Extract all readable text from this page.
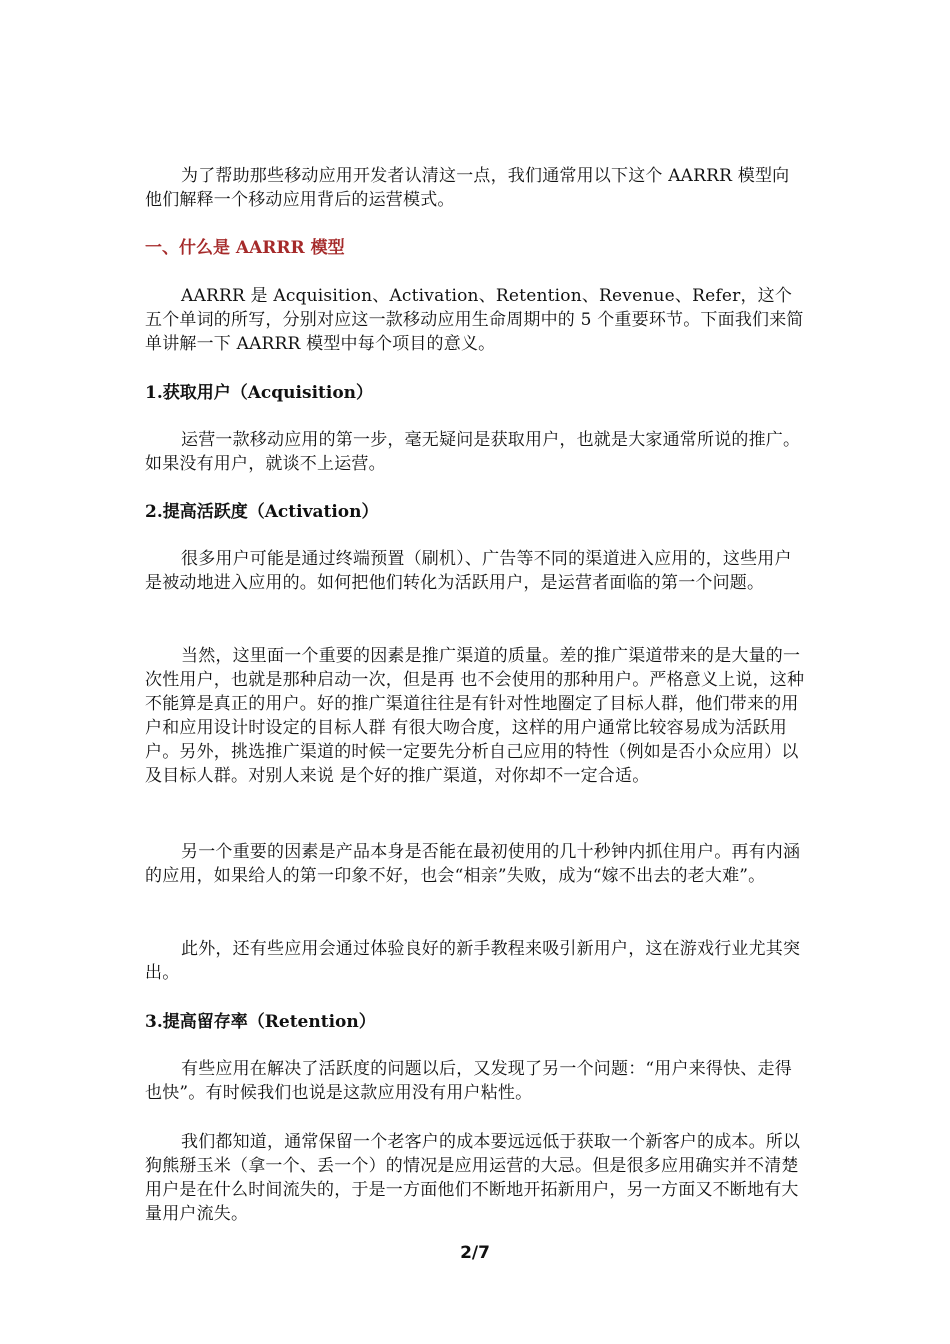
为了帮助那些移动应用开发者认清这一点，我们通常用以下这个 AARRR 模型向他们解释一个移动应用背后的运营模式。

一、什么是 AARRR 模型

AARRR 是 Acquisition、Activation、Retention、Revenue、Refer，这个五个单词的所写，分别对应这一款移动应用生命周期中的 5 个重要环节。下面我们来简单讲解一下 AARRR 模型中每个项目的意义。

1.获取用户（Acquisition）

运营一款移动应用的第一步，毫无疑问是获取用户，也就是大家通常所说的推广。如果没有用户，就谈不上运营。

2.提高活跃度（Activation）

很多用户可能是通过终端预置（刷机）、广告等不同的渠道进入应用的，这些用户是被动地进入应用的。如何把他们转化为活跃用户，是运营者面临的第一个问题。

当然，这里面一个重要的因素是推广渠道的质量。差的推广渠道带来的是大量的一次性用户，也就是那种启动一次，但是再 也不会使用的那种用户。严格意义上说，这种不能算是真正的用户。好的推广渠道往往是有针对性地圈定了目标人群，他们带来的用户和应用设计时设定的目标人群 有很大吻合度，这样的用户通常比较容易成为活跃用户。另外，挑选推广渠道的时候一定要先分析自己应用的特性（例如是否小众应用）以及目标人群。对别人来说 是个好的推广渠道，对你却不一定合适。

另一个重要的因素是产品本身是否能在最初使用的几十秒钟内抓住用户。再有内涵的应用，如果给人的第一印象不好，也会“相亲”失败，成为“嫁不出去的老大难”。

此外，还有些应用会通过体验良好的新手教程来吸引新用户，这在游戏行业尤其突出。

3.提高留存率（Retention）

有些应用在解决了活跃度的问题以后，又发现了另一个问题：“用户来得快、走得也快”。有时候我们也说是这款应用没有用户粘性。

我们都知道，通常保留一个老客户的成本要远远低于获取一个新客户的成本。所以狗熊掰玉米（拿一个、丢一个）的情况是应用运营的大忌。但是很多应用确实并不清楚用户是在什么时间流失的，于是一方面他们不断地开拓新用户，另一方面又不断地有大量用户流失。

2/7
